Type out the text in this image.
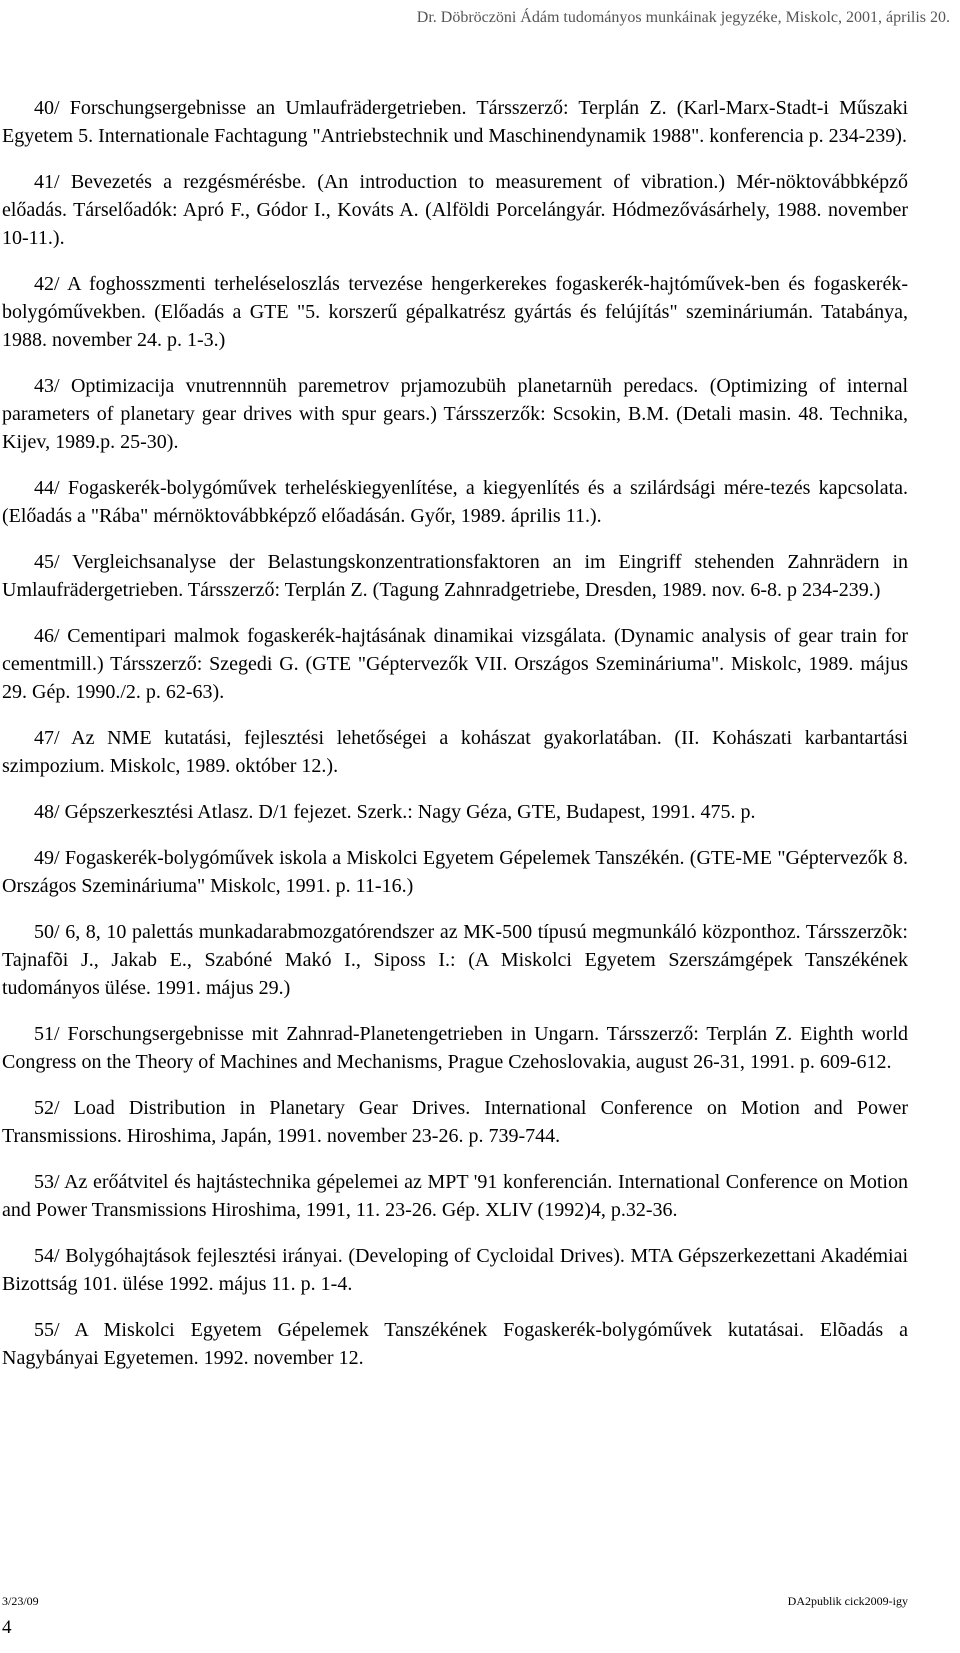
Dr. Döbröczöni Ádám tudományos munkáinak jegyzéke, Miskolc, 2001, április 20.

40/ Forschungsergebnisse an Umlaufrädergetrieben. Társszerző: Terplán Z. (Karl-Marx-Stadt-i Műszaki Egyetem 5. Internationale Fachtagung "Antriebstechnik und Maschinendynamik 1988". konferencia p. 234-239).

41/ Bevezetés a rezgésmérésbe. (An introduction to measurement of vibration.) Mér-nöktovábbképző előadás. Társelőadók: Apró F., Gódor I., Kováts A. (Alföldi Porcelángyár. Hódmezővásárhely, 1988. november 10-11.).

42/ A foghosszmenti terheléseloszlás tervezése hengerkerekes fogaskerék-hajtóművek-ben és fogaskerék-bolygóművekben. (Előadás a GTE "5. korszerű gépalkatrész gyártás és felújítás" szemináriumán. Tatabánya, 1988. november 24. p. 1-3.)

43/ Optimizacija vnutrennnüh paremetrov prjamozubüh planetarnüh peredacs. (Optimizing of internal parameters of planetary gear drives with spur gears.) Társszerzők: Scsokin, B.M. (Detali masin. 48. Technika, Kijev, 1989.p. 25-30).

44/ Fogaskerék-bolygóművek terheléskiegyenlítése, a kiegyenlítés és a szilárdsági mére-tezés kapcsolata. (Előadás a "Rába" mérnöktovábbképző előadásán. Győr, 1989. április 11.).

45/ Vergleichsanalyse der Belastungskonzentrationsfaktoren an im Eingriff stehenden Zahnrädern in Umlaufrädergetrieben. Társszerző: Terplán Z. (Tagung Zahnradgetriebe, Dresden, 1989. nov. 6-8. p 234-239.)

46/ Cementipari malmok fogaskerék-hajtásának dinamikai vizsgálata. (Dynamic analysis of gear train for cementmill.) Társszerző: Szegedi G. (GTE "Géptervezők VII. Országos Szemináriuma". Miskolc, 1989. május 29. Gép. 1990./2. p. 62-63).

47/ Az NME kutatási, fejlesztési lehetőségei a kohászat gyakorlatában. (II. Kohászati karbantartási szimpozium. Miskolc, 1989. október 12.).

48/ Gépszerkesztési Atlasz. D/1 fejezet. Szerk.: Nagy Géza, GTE, Budapest, 1991. 475. p.

49/ Fogaskerék-bolygóművek iskola a Miskolci Egyetem Gépelemek Tanszékén. (GTE-ME "Géptervezők 8. Országos Szemináriuma" Miskolc, 1991. p. 11-16.)

50/ 6, 8, 10 palettás munkadarabmozgatórendszer az MK-500 típusú megmunkáló központhoz. Társszerzõk: Tajnafõi J., Jakab E., Szabóné Makó I., Siposs I.: (A Miskolci Egyetem Szerszámgépek Tanszékének tudományos ülése. 1991. május 29.)

51/ Forschungsergebnisse mit Zahnrad-Planetengetrieben in Ungarn. Társszerző: Terplán Z. Eighth world Congress on the Theory of Machines and Mechanisms, Prague Czehoslovakia, august 26-31, 1991. p. 609-612.

52/ Load Distribution in Planetary Gear Drives. International Conference on Motion and Power Transmissions. Hiroshima, Japán, 1991. november 23-26. p. 739-744.

53/ Az erőátvitel és hajtástechnika gépelemei az MPT '91 konferencián. International Conference on Motion and Power Transmissions Hiroshima, 1991, 11. 23-26. Gép. XLIV (1992)4, p.32-36.

54/ Bolygóhajtások fejlesztési irányai. (Developing of Cycloidal Drives). MTA Gépszerkezettani Akadémiai Bizottság 101. ülése 1992. május 11. p. 1-4.

55/ A Miskolci Egyetem Gépelemek Tanszékének Fogaskerék-bolygóművek kutatásai. Elõadás a Nagybányai Egyetemen. 1992. november 12.

3/23/09	DA2publik cick2009-igy
4
